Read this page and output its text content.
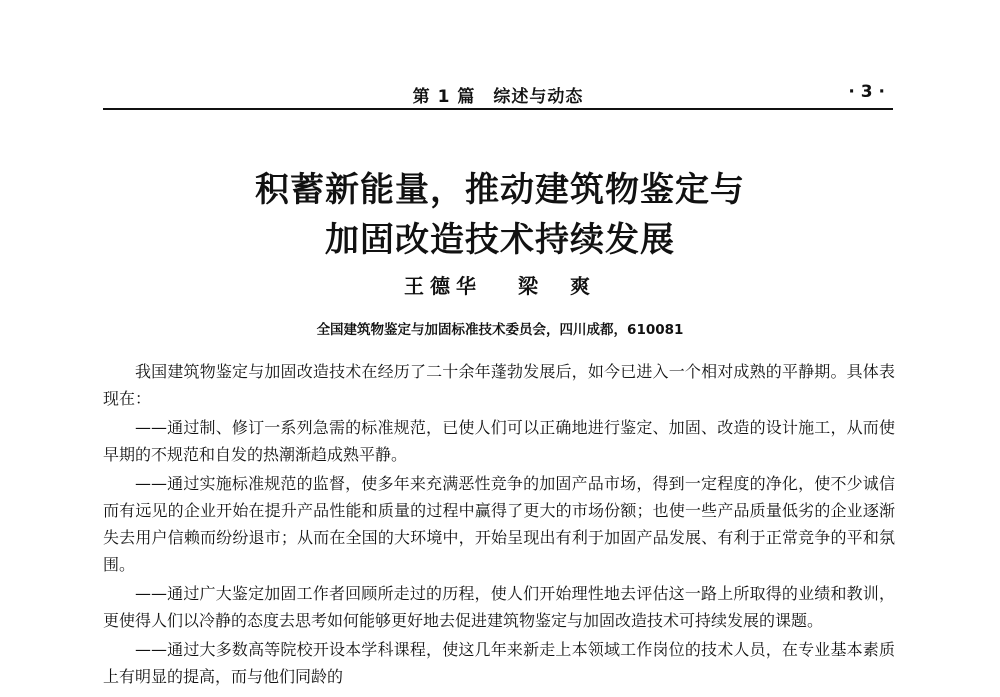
第 1 篇　综述与动态	· 3 ·
积蓄新能量，推动建筑物鉴定与
加固改造技术持续发展
王德华 梁　爽
全国建筑物鉴定与加固标准技术委员会，四川成都，610081

我国建筑物鉴定与加固改造技术在经历了二十余年蓬勃发展后，如今已进入一个相对成熟的平静期。具体表现在：

——通过制、修订一系列急需的标准规范，已使人们可以正确地进行鉴定、加固、改造的设计施工，从而使早期的不规范和自发的热潮渐趋成熟平静。

——通过实施标准规范的监督，使多年来充满恶性竞争的加固产品市场，得到一定程度的净化，使不少诚信而有远见的企业开始在提升产品性能和质量的过程中赢得了更大的市场份额；也使一些产品质量低劣的企业逐渐失去用户信赖而纷纷退市；从而在全国的大环境中，开始呈现出有利于加固产品发展、有利于正常竞争的平和氛围。

——通过广大鉴定加固工作者回顾所走过的历程，使人们开始理性地去评估这一路上所取得的业绩和教训，更使得人们以冷静的态度去思考如何能够更好地去促进建筑物鉴定与加固改造技术可持续发展的课题。

——通过大多数高等院校开设本学科课程，使这几年来新走上本领域工作岗位的技术人员，在专业基本素质上有明显的提高，而与他们同龄的
